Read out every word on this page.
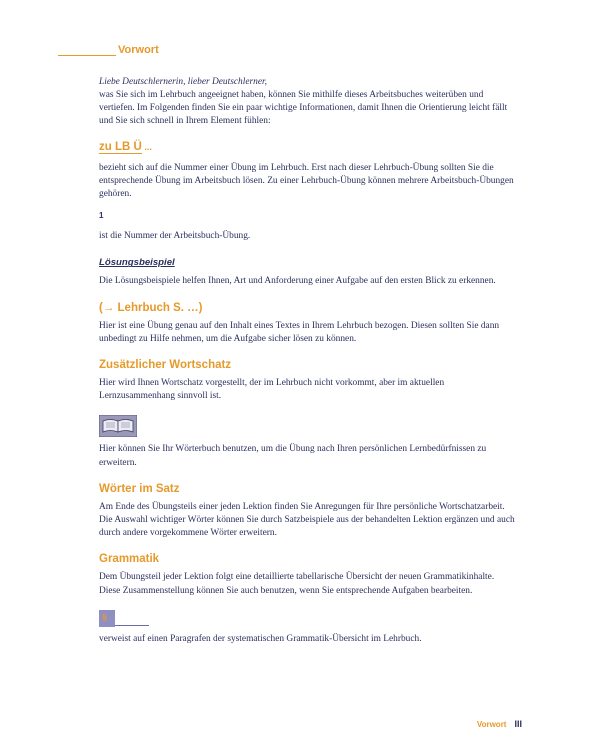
Vorwort
Liebe Deutschlernerin, lieber Deutschlerner,

was Sie sich im Lehrbuch angeeignet haben, können Sie mithilfe dieses Arbeitsbuches weiterüben und vertiefen. Im Folgenden finden Sie ein paar wichtige Informationen, damit Ihnen die Orientierung leicht fällt und Sie sich schnell in Ihrem Element fühlen:

zu LB Ü ...

bezieht sich auf die Nummer einer Übung im Lehrbuch. Erst nach dieser Lehrbuch-Übung sollten Sie die entsprechende Übung im Arbeitsbuch lösen. Zu einer Lehrbuch-Übung können mehrere Arbeitsbuch-Übungen gehören.

1

ist die Nummer der Arbeitsbuch-Übung.

Lösungsbeispiel

Die Lösungsbeispiele helfen Ihnen, Art und Anforderung einer Aufgabe auf den ersten Blick zu erkennen.

(→ Lehrbuch S. …)

Hier ist eine Übung genau auf den Inhalt eines Textes in Ihrem Lehrbuch bezogen. Diesen sollten Sie dann unbedingt zu Hilfe nehmen, um die Aufgabe sicher lösen zu können.

Zusätzlicher Wortschatz

Hier wird Ihnen Wortschatz vorgestellt, der im Lehrbuch nicht vorkommt, aber im aktuellen Lernzusammenhang sinnvoll ist.

Hier können Sie Ihr Wörterbuch benutzen, um die Übung nach Ihren persönlichen Lernbedürfnissen zu erweitern.

Wörter im Satz

Am Ende des Übungsteils einer jeden Lektion finden Sie Anregungen für Ihre persönliche Wortschatzarbeit. Die Auswahl wichtiger Wörter können Sie durch Satzbeispiele aus der behandelten Lektion ergänzen und auch durch andere vorgekommene Wörter erweitern.

Grammatik

Dem Übungsteil jeder Lektion folgt eine detaillierte tabellarische Übersicht der neuen Grammatikinhalte. Diese Zusammenstellung können Sie auch benutzen, wenn Sie entsprechende Aufgaben bearbeiten.

§

verweist auf einen Paragrafen der systematischen Grammatik-Übersicht im Lehrbuch.

Vorwort III
